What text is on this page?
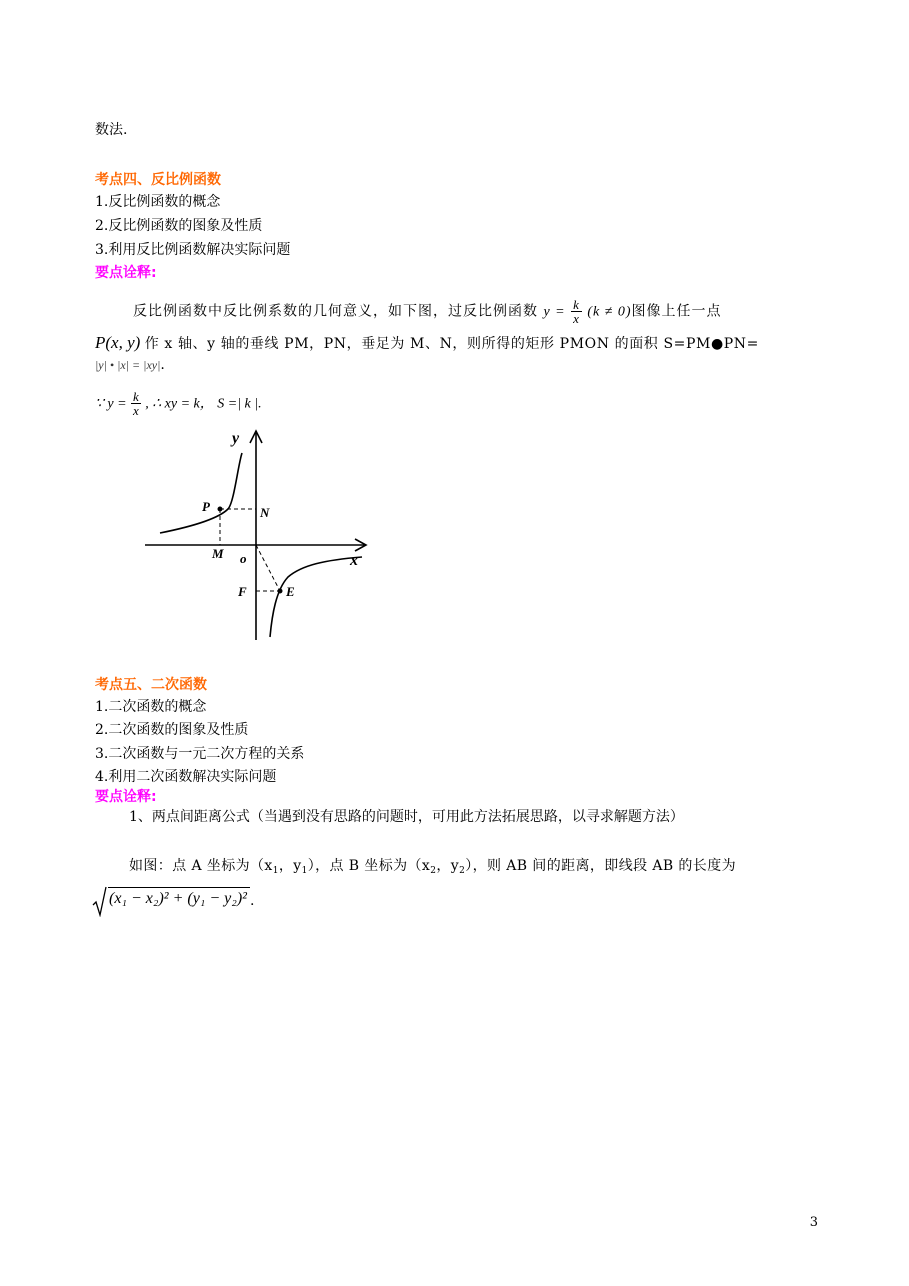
数法.
考点四、反比例函数
1.反比例函数的概念
2.反比例函数的图象及性质
3.利用反比例函数解决实际问题
要点诠释:
反比例函数中反比例系数的几何意义，如下图，过反比例函数 $y = \frac{k}{x} (k \ne 0)$图像上任一点
P(x, y) 作 x 轴、y 轴的垂线 PM，PN，垂足为 M、N，则所得的矩形 PMON 的面积 S=PM●PN=
|y| • |x| = |xy|.
∵ $y = \frac{k}{x}$ , ∴ xy = k， S =| k |.
y
x
o
P	N
M
F	E
考点五、二次函数
1.二次函数的概念
2.二次函数的图象及性质
3.二次函数与一元二次方程的关系
4.利用二次函数解决实际问题
要点诠释:
1、两点间距离公式（当遇到没有思路的问题时，可用此方法拓展思路，以寻求解题方法）
如图：点 A 坐标为（$x_1$，$y_1$），点 B 坐标为（$x_2$，$y_2$），则 AB 间的距离，即线段 AB 的长度为
(x₁ − x₂)² + (y₁ − y₂)² .
3
